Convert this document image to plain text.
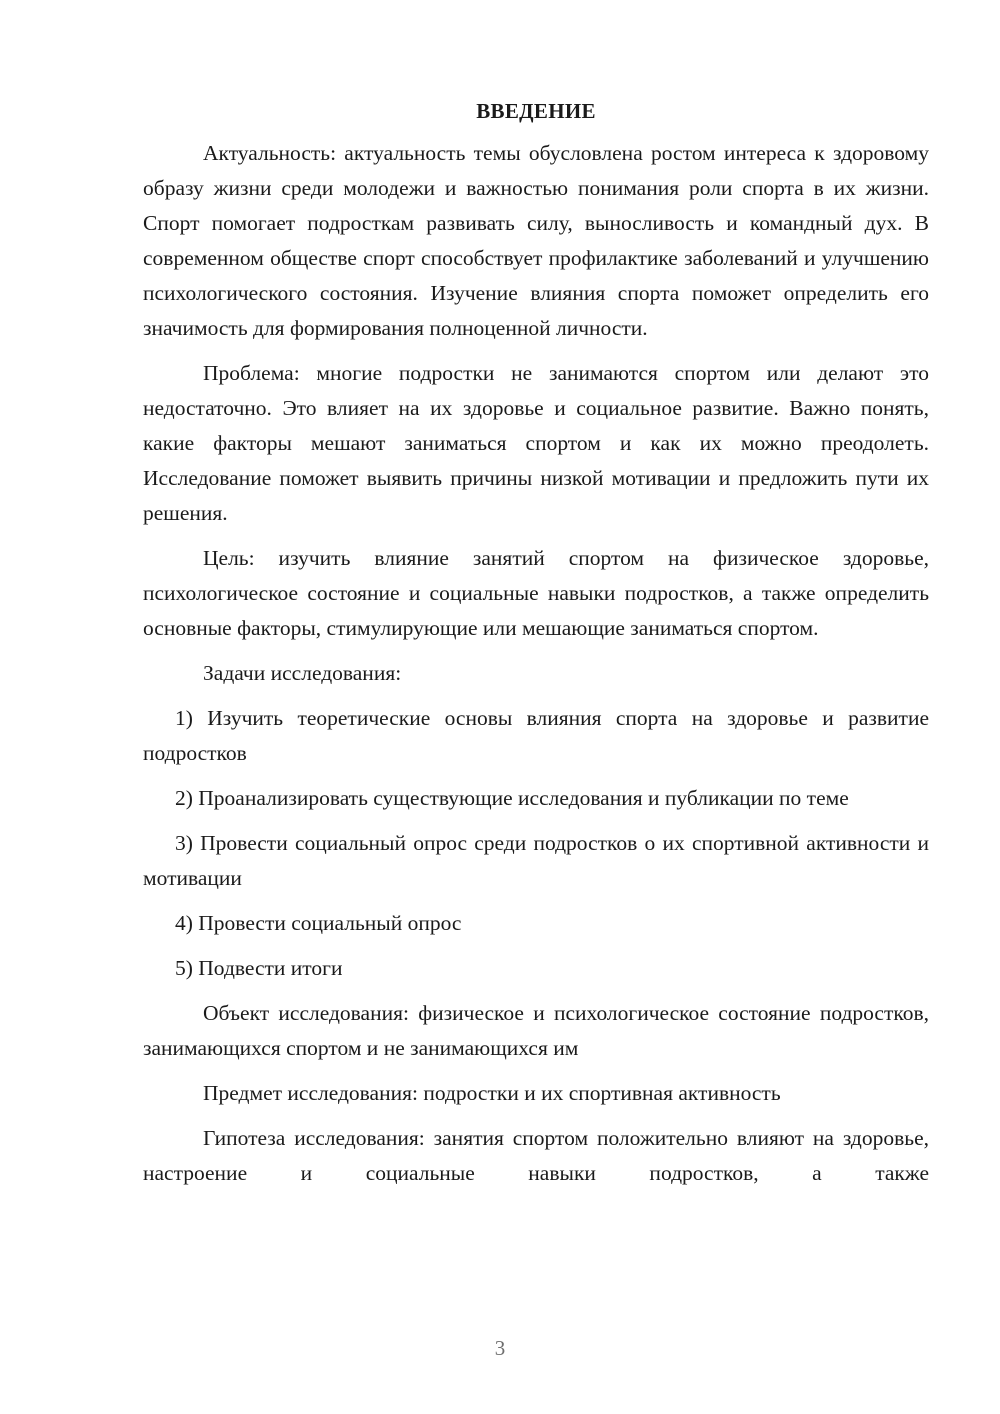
ВВЕДЕНИЕ

Актуальность: актуальность темы обусловлена ростом интереса к здоровому образу жизни среди молодежи и важностью понимания роли спорта в их жизни. Спорт помогает подросткам развивать силу, выносливость и командный дух. В современном обществе спорт способствует профилактике заболеваний и улучшению психологического состояния. Изучение влияния спорта поможет определить его значимость для формирования полноценной личности.

Проблема: многие подростки не занимаются спортом или делают это недостаточно. Это влияет на их здоровье и социальное развитие. Важно понять, какие факторы мешают заниматься спортом и как их можно преодолеть. Исследование поможет выявить причины низкой мотивации и предложить пути их решения.

Цель: изучить влияние занятий спортом на физическое здоровье, психологическое состояние и социальные навыки подростков, а также определить основные факторы, стимулирующие или мешающие заниматься спортом.

Задачи исследования:

1) Изучить теоретические основы влияния спорта на здоровье и развитие подростков

2) Проанализировать существующие исследования и публикации по теме

3) Провести социальный опрос среди подростков о их спортивной активности и мотивации

4) Провести социальный опрос

5) Подвести итоги

Объект исследования: физическое и психологическое состояние подростков, занимающихся спортом и не занимающихся им

Предмет исследования: подростки и их спортивная активность

Гипотеза исследования: занятия спортом положительно влияют на здоровье, настроение и социальные навыки подростков, а также

3
